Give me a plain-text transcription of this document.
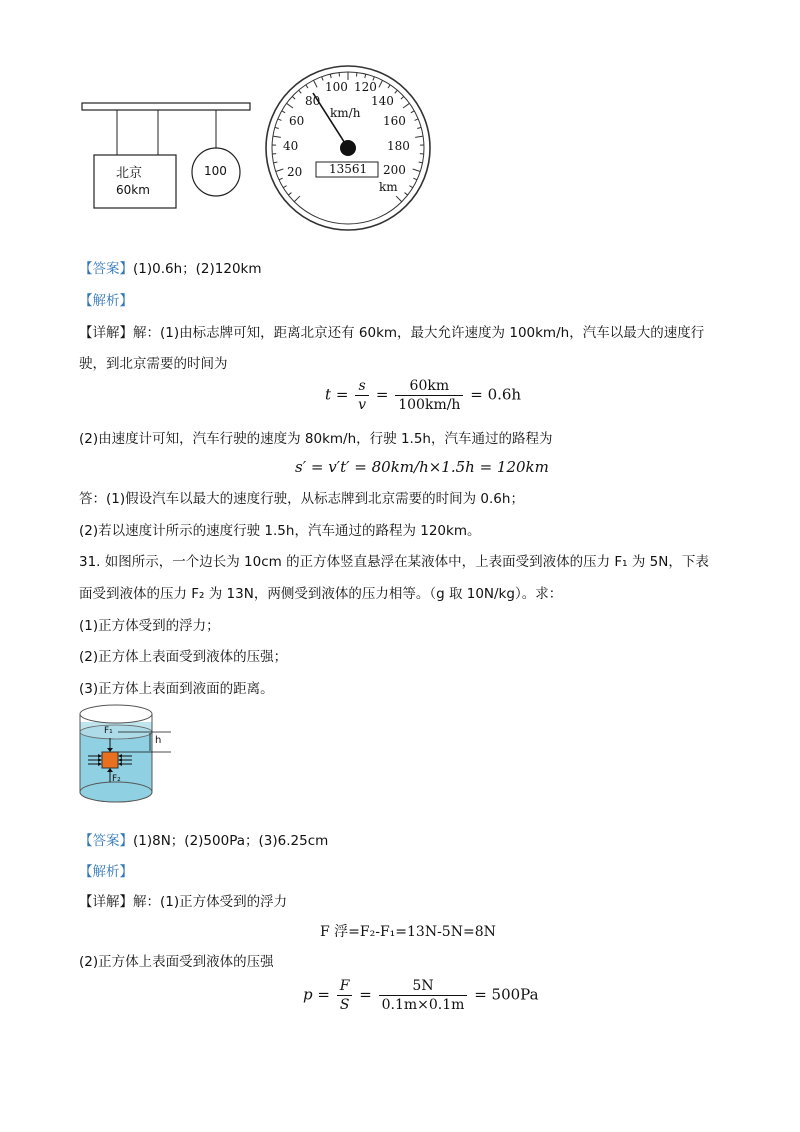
北京
60km
100
km/h
13561
km
20
40
60
80
100 120
140
160
180
200
【答案】(1)0.6h；(2)120km
【解析】
【详解】解：(1)由标志牌可知，距离北京还有 60km，最大允许速度为 100km/h，汽车以最大的速度行
驶，到北京需要的时间为
$t = \frac{s}{v} = \frac{60km}{100km/h} = 0.6h$
(2)由速度计可知，汽车行驶的速度为 80km/h，行驶 1.5h，汽车通过的路程为
s′ = v′t′ = 80km/h×1.5h = 120km
答：(1)假设汽车以最大的速度行驶，从标志牌到北京需要的时间为 0.6h；
(2)若以速度计所示的速度行驶 1.5h，汽车通过的路程为 120km。
31. 如图所示，一个边长为 10cm 的正方体竖直悬浮在某液体中，上表面受到液体的压力 F₁ 为 5N，下表
面受到液体的压力 F₂ 为 13N，两侧受到液体的压力相等。（g 取 10N/kg）。求：
(1)正方体受到的浮力；
(2)正方体上表面受到液体的压强；
(3)正方体上表面到液面的距离。
F₁
F₂
h
【答案】(1)8N；(2)500Pa；(3)6.25cm
【解析】
【详解】解：(1)正方体受到的浮力
F 浮=F₂-F₁=13N-5N=8N
(2)正方体上表面受到液体的压强
$p = \frac{F}{S} = \frac{5N}{0.1m\times 0.1m} = 500Pa$
